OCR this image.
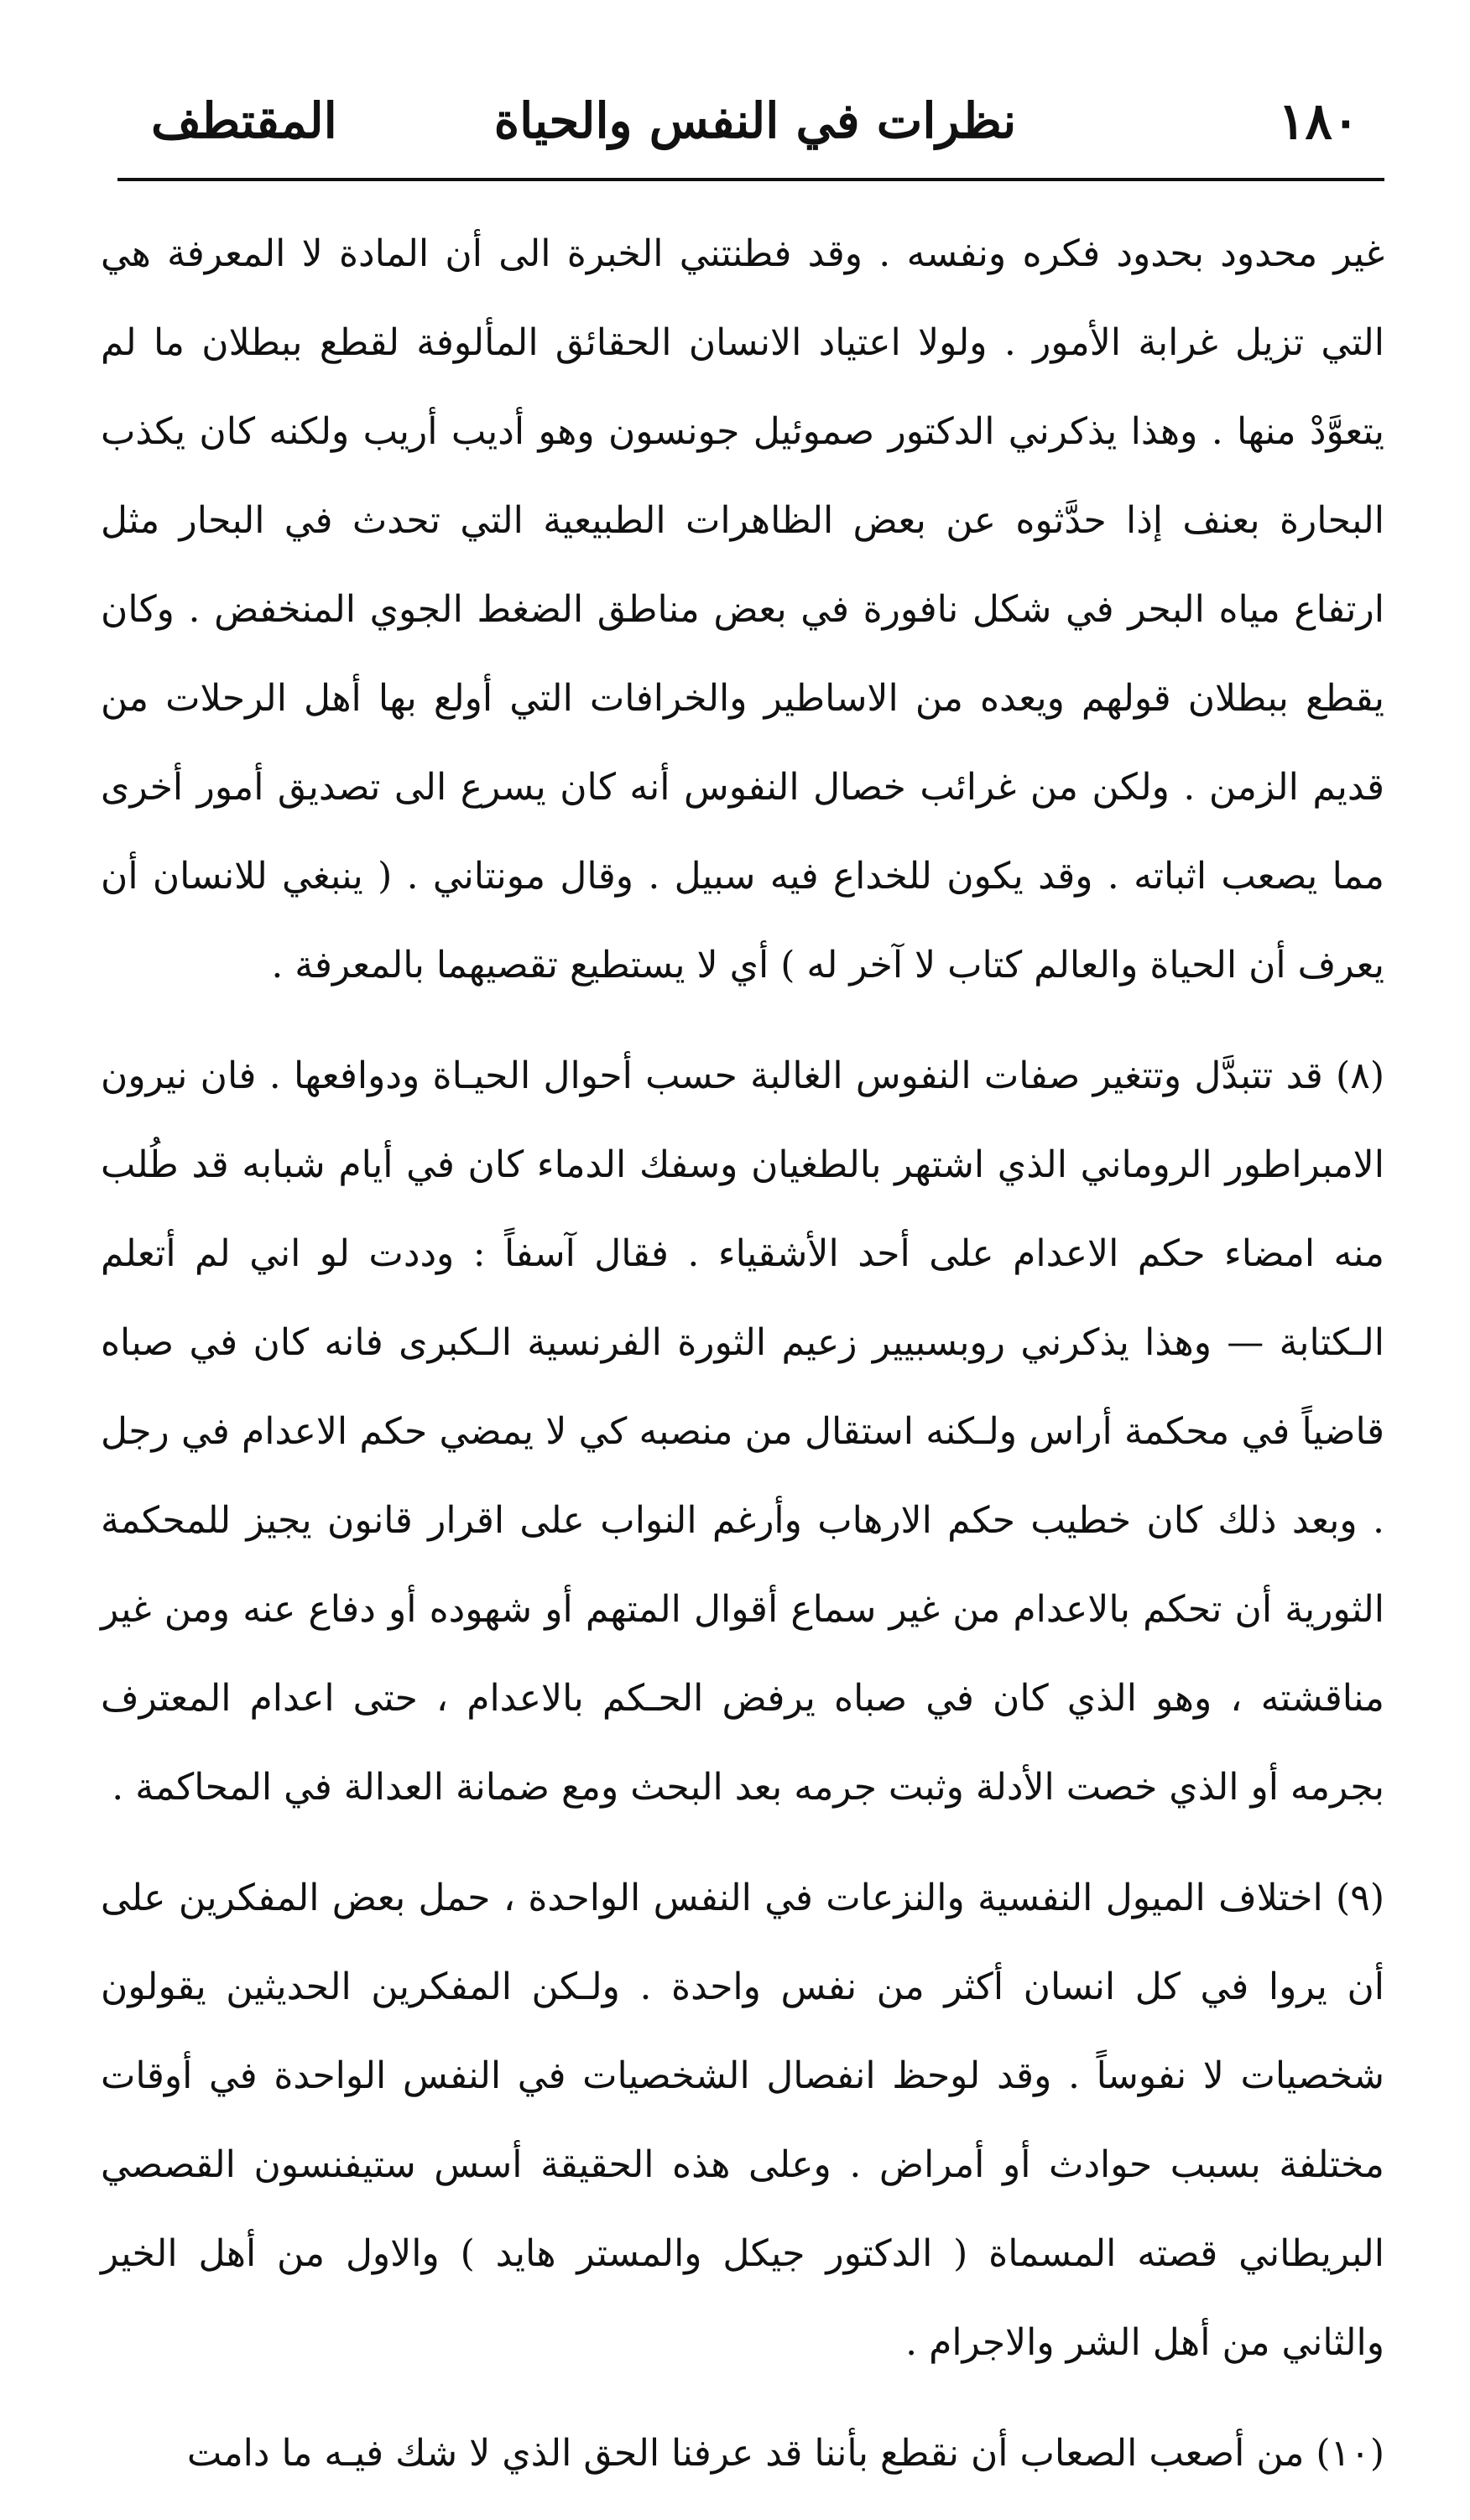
١٨٠
نظرات في النفس والحياة
المقتطف

غير محدود بحدود فكره ونفسه . وقد فطنتني الخبرة الى أن المادة لا المعرفة هي التي تزيل غرابة الأمور . ولولا اعتياد الانسان الحقائق المألوفة لقطع ببطلان ما لم يتعوَّدْ منها . وهذا يذكرني الدكتور صموئيل جونسون وهو أديب أريب ولكنه كان يكذب البحارة بعنف إذا حدَّثوه عن بعض الظاهرات الطبيعية التي تحدث في البحار مثل ارتفاع مياه البحر في شكل نافورة في بعض مناطق الضغط الجوي المنخفض . وكان يقطع ببطلان قولهم ويعده من الاساطير والخرافات التي أولع بها أهل الرحلات من قديم الزمن . ولكن من غرائب خصال النفوس أنه كان يسرع الى تصديق أمور أخرى مما يصعب اثباته . وقد يكون للخداع فيه سبيل . وقال مونتاني . ( ينبغي للانسان أن يعرف أن الحياة والعالم كتاب لا آخر له ) أي لا يستطيع تقصيهما بالمعرفة .

(٨) قد تتبدَّل وتتغير صفات النفوس الغالبة حسب أحوال الحيـاة ودوافعها . فان نيرون الامبراطور الروماني الذي اشتهر بالطغيان وسفك الدماء كان في أيام شبابه قد طُلب منه امضاء حكم الاعدام على أحد الأشقياء . فقال آسفاً : وددت لو اني لم أتعلم الـكتابة — وهذا يذكرني روبسبيير زعيم الثورة الفرنسية الـكبرى فانه كان في صباه قاضياً في محكمة أراس ولـكنه استقال من منصبه كي لا يمضي حكم الاعدام في رجل . وبعد ذلك كان خطيب حكم الارهاب وأرغم النواب على اقرار قانون يجيز للمحكمة الثورية أن تحكم بالاعدام من غير سماع أقوال المتهم أو شهوده أو دفاع عنه ومن غير مناقشته ، وهو الذي كان في صباه يرفض الحـكم بالاعدام ، حتى اعدام المعترف بجرمه أو الذي خصت الأدلة وثبت جرمه بعد البحث ومع ضمانة العدالة في المحاكمة .

(٩) اختلاف الميول النفسية والنزعات في النفس الواحدة ، حمل بعض المفكرين على أن يروا في كل انسان أكثر من نفس واحدة . ولـكن المفكرين الحديثين يقولون شخصيات لا نفوساً . وقد لوحظ انفصال الشخصيات في النفس الواحدة في أوقات مختلفة بسبب حوادث أو أمراض . وعلى هذه الحقيقة أسس ستيفنسون القصصي البريطاني قصته المسماة ( الدكتور جيكل والمستر هايد ) والاول من أهل الخير والثاني من أهل الشر والاجرام .

(١٠) من أصعب الصعاب أن نقطع بأننا قد عرفنا الحق الذي لا شك فيـه ما دامت
